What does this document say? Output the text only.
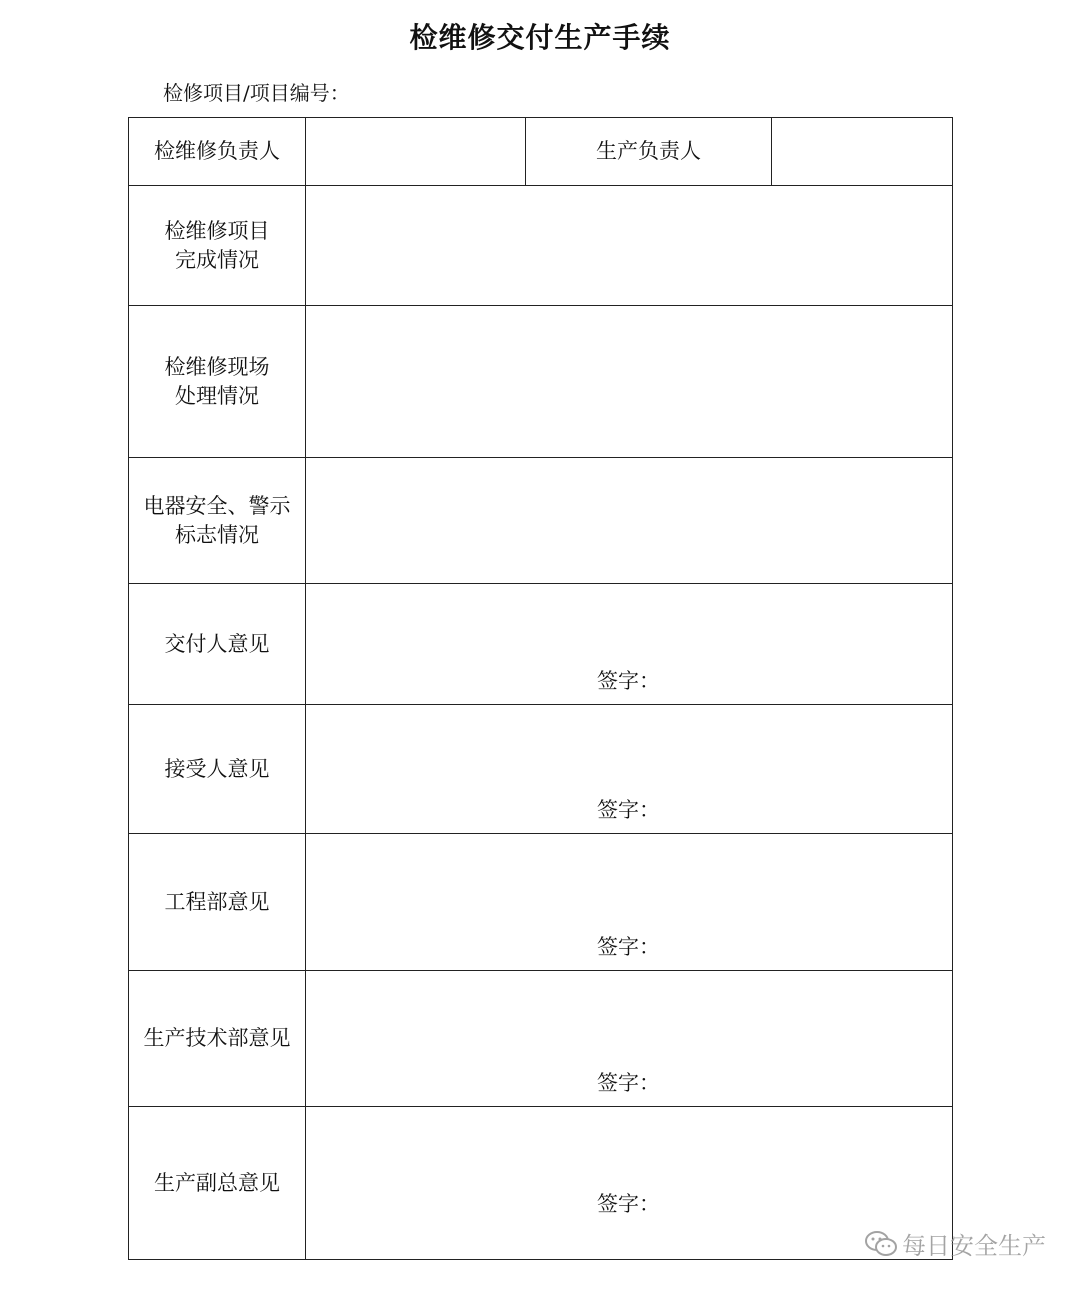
检维修交付生产手续
检修项目/项目编号：
检维修负责人		生产负责人	
检维修项目
完成情况			
检维修现场
处理情况			
电器安全、警示
标志情况			
交付人意见	签字：		

接受人意见	签字：		

工程部意见	签字：		

生产技术部意见	签字：		

生产副总意见	签字：		
每日安全生产
